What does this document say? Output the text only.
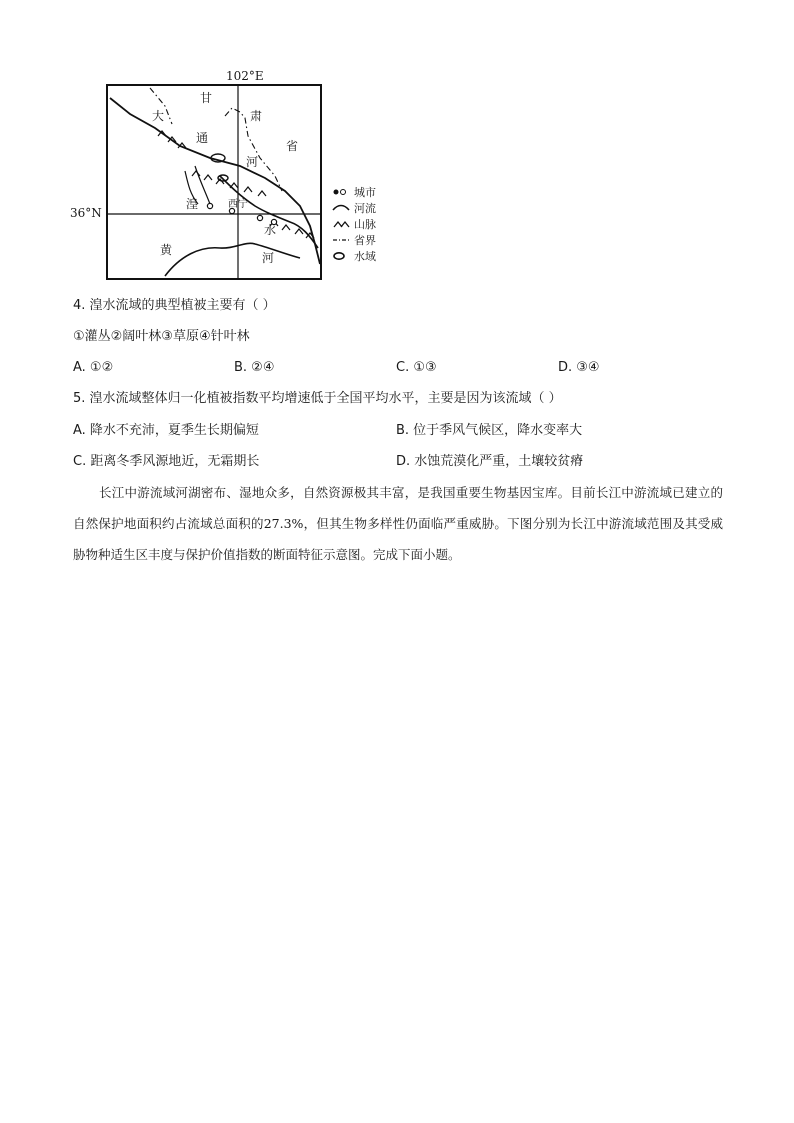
102°E
36°N
甘
肃
省
大
通
河
湟	西宁
水
黄
河
城市
河流
山脉
省界
水域
4. 湟水流域的典型植被主要有（ ）
①灌丛②阔叶林③草原④针叶林
A. ①②	B. ②④	C. ①③	D. ③④
5. 湟水流域整体归一化植被指数平均增速低于全国平均水平，主要是因为该流域（ ）
A. 降水不充沛，夏季生长期偏短	B. 位于季风气候区，降水变率大
C. 距离冬季风源地近，无霜期长	D. 水蚀荒漠化严重，土壤较贫瘠
长江中游流域河湖密布、湿地众多，自然资源极其丰富，是我国重要生物基因宝库。目前长江中游流域已建立的自然保护地面积约占流域总面积的27.3%，但其生物多样性仍面临严重威胁。下图分别为长江中游流域范围及其受威胁物种适生区丰度与保护价值指数的断面特征示意图。完成下面小题。
